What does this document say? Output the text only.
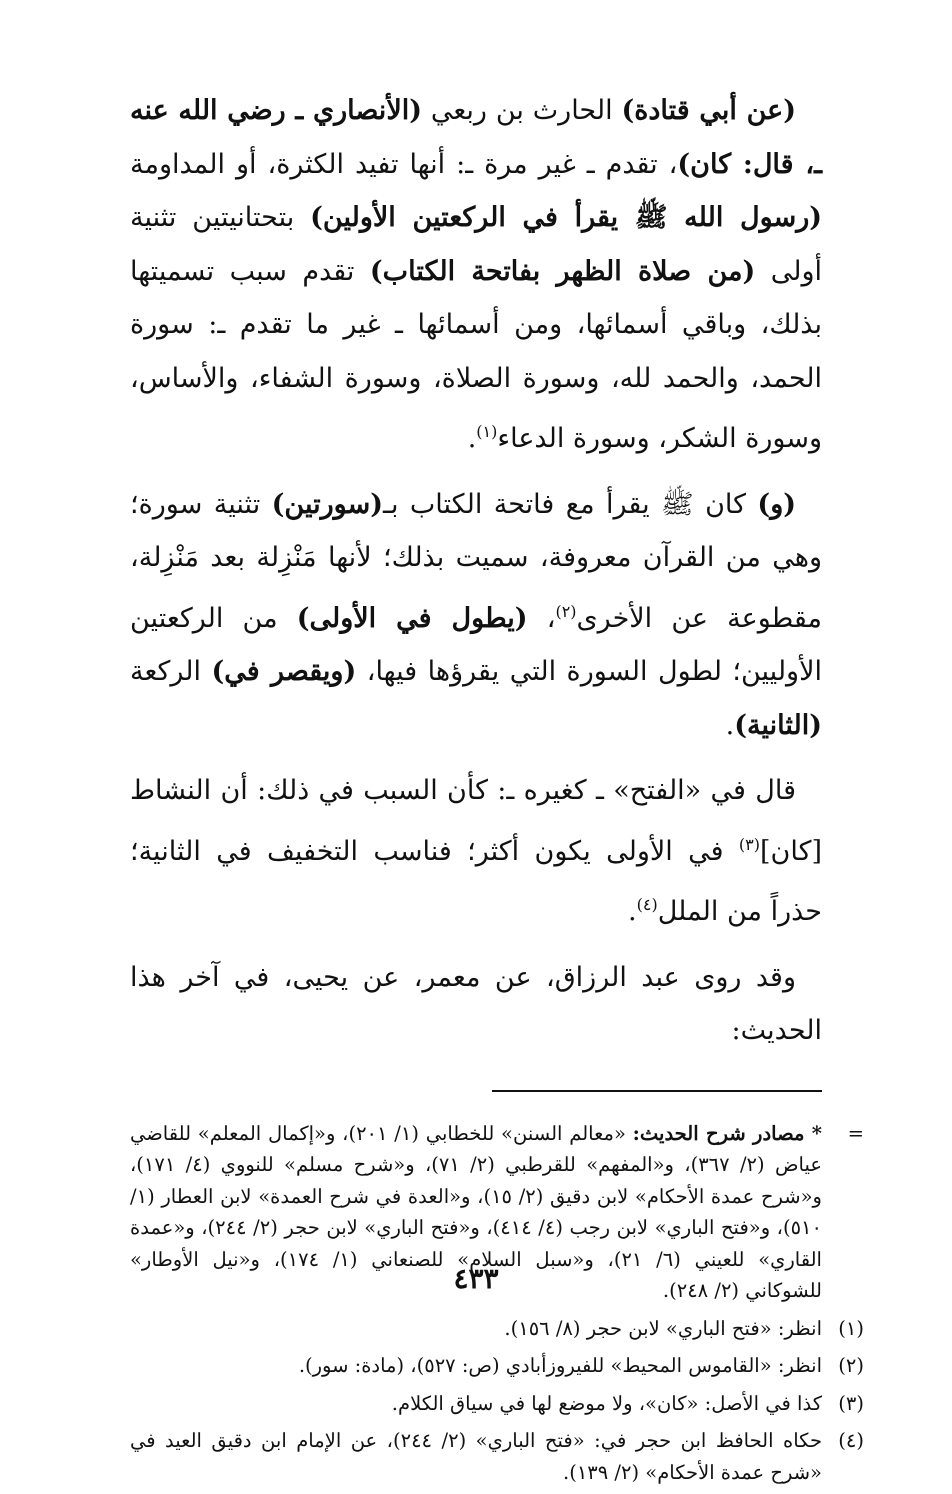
(عن أبي قتادة) الحارث بن ربعي (الأنصاري ـ رضي الله عنه ـ، قال: كان)، تقدم ـ غير مرة ـ: أنها تفيد الكثرة، أو المداومة (رسول الله ﷺ يقرأ في الركعتين الأولين) بتحتانيتين تثنية أولى (من صلاة الظهر بفاتحة الكتاب) تقدم سبب تسميتها بذلك، وباقي أسمائها، ومن أسمائها ـ غير ما تقدم ـ: سورة الحمد، والحمد لله، وسورة الصلاة، وسورة الشفاء، والأساس، وسورة الشكر، وسورة الدعاء$^{(١)}$.

(و) كان ﷺ يقرأ مع فاتحة الكتاب بـ(سورتين) تثنية سورة؛ وهي من القرآن معروفة، سميت بذلك؛ لأنها مَنْزِلة بعد مَنْزِلة، مقطوعة عن الأخرى$^{(٢)}$، (يطول في الأولى) من الركعتين الأوليين؛ لطول السورة التي يقرؤها فيها، (ويقصر في) الركعة (الثانية).

قال في «الفتح» ـ كغيره ـ: كأن السبب في ذلك: أن النشاط [كان]$^{(٣)}$ في الأولى يكون أكثر؛ فناسب التخفيف في الثانية؛ حذراً من الملل$^{(٤)}$.

وقد روى عبد الرزاق، عن معمر، عن يحيى، في آخر هذا الحديث:

=
* مصادر شرح الحديث: «معالم السنن» للخطابي (١/ ٢٠١)، و«إكمال المعلم» للقاضي عياض (٢/ ٣٦٧)، و«المفهم» للقرطبي (٢/ ٧١)، و«شرح مسلم» للنووي (٤/ ١٧١)، و«شرح عمدة الأحكام» لابن دقيق (٢/ ١٥)، و«العدة في شرح العمدة» لابن العطار (١/ ٥١٠)، و«فتح الباري» لابن رجب (٤/ ٤١٤)، و«فتح الباري» لابن حجر (٢/ ٢٤٤)، و«عمدة القاري» للعيني (٦/ ٢١)، و«سبل السلام» للصنعاني (١/ ١٧٤)، و«نيل الأوطار» للشوكاني (٢/ ٢٤٨).
(١)
انظر: «فتح الباري» لابن حجر (٨/ ١٥٦).
(٢)
انظر: «القاموس المحيط» للفيروزأبادي (ص: ٥٢٧)، (مادة: سور).
(٣)
كذا في الأصل: «كان»، ولا موضع لها في سياق الكلام.
(٤)
حكاه الحافظ ابن حجر في: «فتح الباري» (٢/ ٢٤٤)، عن الإمام ابن دقيق العيد في «شرح عمدة الأحكام» (٢/ ١٣٩).
٤٣٣
